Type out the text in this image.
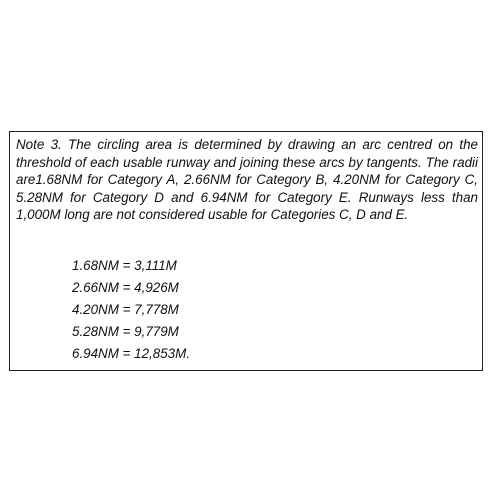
Note 3. The circling area is determined by drawing an arc centred on the threshold of each usable runway and joining these arcs by tangents. The radii are1.68NM for Category A, 2.66NM for Category B, 4.20NM for Category C, 5.28NM for Category D and 6.94NM for Category E. Runways less than 1,000M long are not considered usable for Categories C, D and E.

1.68NM = 3,111M
2.66NM = 4,926M
4.20NM = 7,778M
5.28NM = 9,779M
6.94NM = 12,853M.
